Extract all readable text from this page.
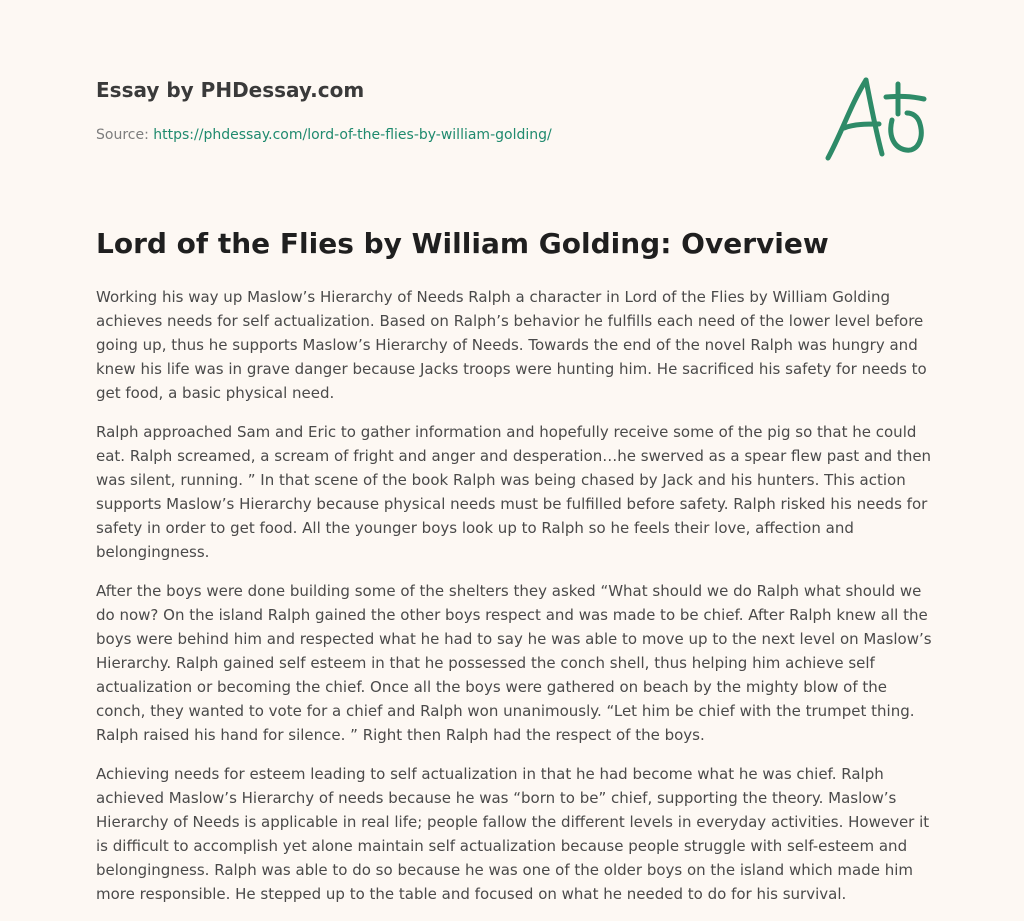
Essay by PHDessay.com

Source: https://phdessay.com/lord-of-the-flies-by-william-golding/
Lord of the Flies by William Golding: Overview

Working his way up Maslow’s Hierarchy of Needs Ralph a character in Lord of the Flies by William Golding achieves needs for self actualization. Based on Ralph’s behavior he fulfills each need of the lower level before going up, thus he supports Maslow’s Hierarchy of Needs. Towards the end of the novel Ralph was hungry and knew his life was in grave danger because Jacks troops were hunting him. He sacrificed his safety for needs to get food, a basic physical need.

Ralph approached Sam and Eric to gather information and hopefully receive some of the pig so that he could eat. Ralph screamed, a scream of fright and anger and desperation…he swerved as a spear flew past and then was silent, running. ” In that scene of the book Ralph was being chased by Jack and his hunters. This action supports Maslow’s Hierarchy because physical needs must be fulfilled before safety. Ralph risked his needs for safety in order to get food. All the younger boys look up to Ralph so he feels their love, affection and belongingness.

After the boys were done building some of the shelters they asked “What should we do Ralph what should we do now? On the island Ralph gained the other boys respect and was made to be chief. After Ralph knew all the boys were behind him and respected what he had to say he was able to move up to the next level on Maslow’s Hierarchy. Ralph gained self esteem in that he possessed the conch shell, thus helping him achieve self actualization or becoming the chief. Once all the boys were gathered on beach by the mighty blow of the conch, they wanted to vote for a chief and Ralph won unanimously. “Let him be chief with the trumpet thing. Ralph raised his hand for silence. ” Right then Ralph had the respect of the boys.

Achieving needs for esteem leading to self actualization in that he had become what he was chief. Ralph achieved Maslow’s Hierarchy of needs because he was “born to be” chief, supporting the theory. Maslow’s Hierarchy of Needs is applicable in real life; people fallow the different levels in everyday activities. However it is difficult to accomplish yet alone maintain self actualization because people struggle with self-esteem and belongingness. Ralph was able to do so because he was one of the older boys on the island which made him more responsible. He stepped up to the table and focused on what he needed to do for his survival.
